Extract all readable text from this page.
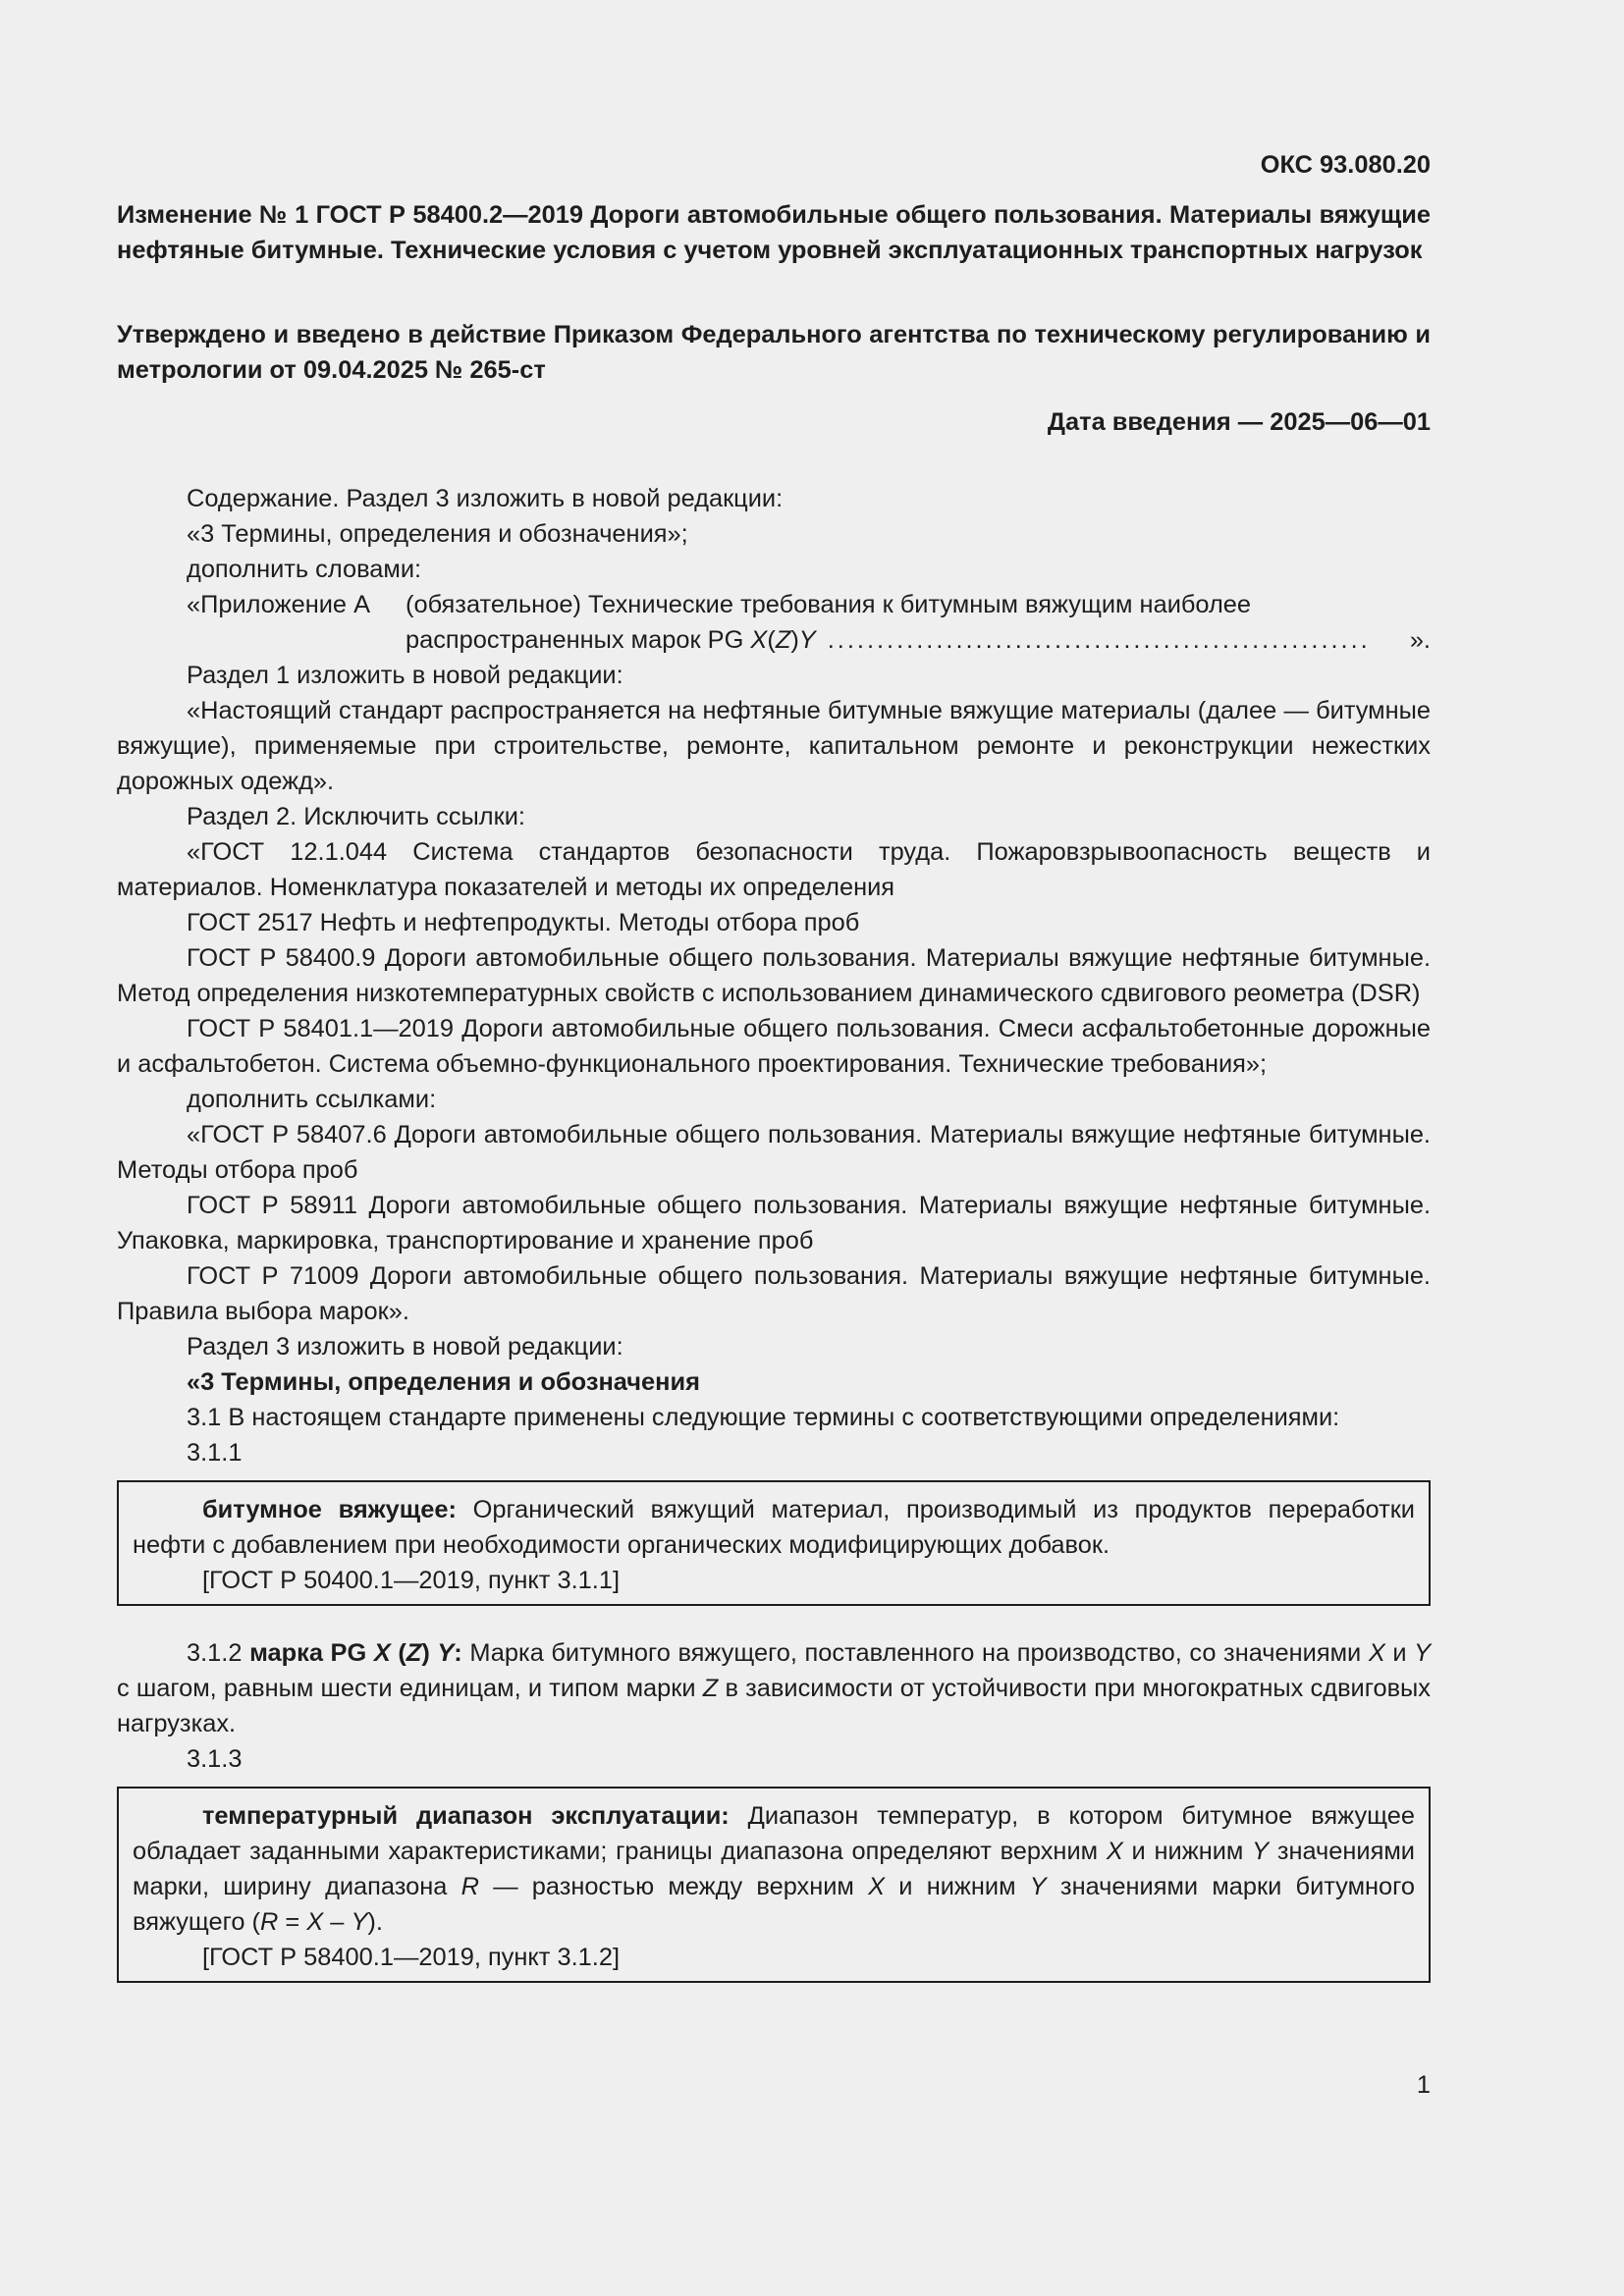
ОКС 93.080.20

Изменение № 1 ГОСТ Р 58400.2—2019 Дороги автомобильные общего пользования. Материалы вяжущие нефтяные битумные. Технические условия с учетом уровней эксплуатационных транспортных нагрузок

Утверждено и введено в действие Приказом Федерального агентства по техническому регулированию и метрологии от 09.04.2025 № 265-ст

Дата введения — 2025—06—01

Содержание. Раздел 3 изложить в новой редакции:

«3 Термины, определения и обозначения»;

дополнить словами:

«Приложение А	(обязательное) Технические требования к битумным вяжущим наиболее
распространенных марок PG X(Z)Y .......................................................	».

Раздел 1 изложить в новой редакции:

«Настоящий стандарт распространяется на нефтяные битумные вяжущие материалы (далее — битумные вяжущие), применяемые при строительстве, ремонте, капитальном ремонте и реконструкции нежестких дорожных одежд».

Раздел 2. Исключить ссылки:

«ГОСТ 12.1.044 Система стандартов безопасности труда. Пожаровзрывоопасность веществ и материалов. Номенклатура показателей и методы их определения

ГОСТ 2517 Нефть и нефтепродукты. Методы отбора проб

ГОСТ Р 58400.9 Дороги автомобильные общего пользования. Материалы вяжущие нефтяные битумные. Метод определения низкотемпературных свойств с использованием динамического сдвигового реометра (DSR)

ГОСТ Р 58401.1—2019 Дороги автомобильные общего пользования. Смеси асфальтобетонные дорожные и асфальтобетон. Система объемно-функционального проектирования. Технические требования»;

дополнить ссылками:

«ГОСТ Р 58407.6 Дороги автомобильные общего пользования. Материалы вяжущие нефтяные битумные. Методы отбора проб

ГОСТ Р 58911 Дороги автомобильные общего пользования. Материалы вяжущие нефтяные битумные. Упаковка, маркировка, транспортирование и хранение проб

ГОСТ Р 71009 Дороги автомобильные общего пользования. Материалы вяжущие нефтяные битумные. Правила выбора марок».

Раздел 3 изложить в новой редакции:

«3 Термины, определения и обозначения

3.1 В настоящем стандарте применены следующие термины с соответствующими определениями:

3.1.1

битумное вяжущее: Органический вяжущий материал, производимый из продуктов переработки нефти с добавлением при необходимости органических модифицирующих добавок.

[ГОСТ Р 50400.1—2019, пункт 3.1.1]

3.1.2 марка PG X (Z) Y: Марка битумного вяжущего, поставленного на производство, со значениями X и Y с шагом, равным шести единицам, и типом марки Z в зависимости от устойчивости при многократных сдвиговых нагрузках.

3.1.3

температурный диапазон эксплуатации: Диапазон температур, в котором битумное вяжущее обладает заданными характеристиками; границы диапазона определяют верхним X и нижним Y значениями марки, ширину диапазона R — разностью между верхним X и нижним Y значениями марки битумного вяжущего (R = X – Y).

[ГОСТ Р 58400.1—2019, пункт 3.1.2]

1
